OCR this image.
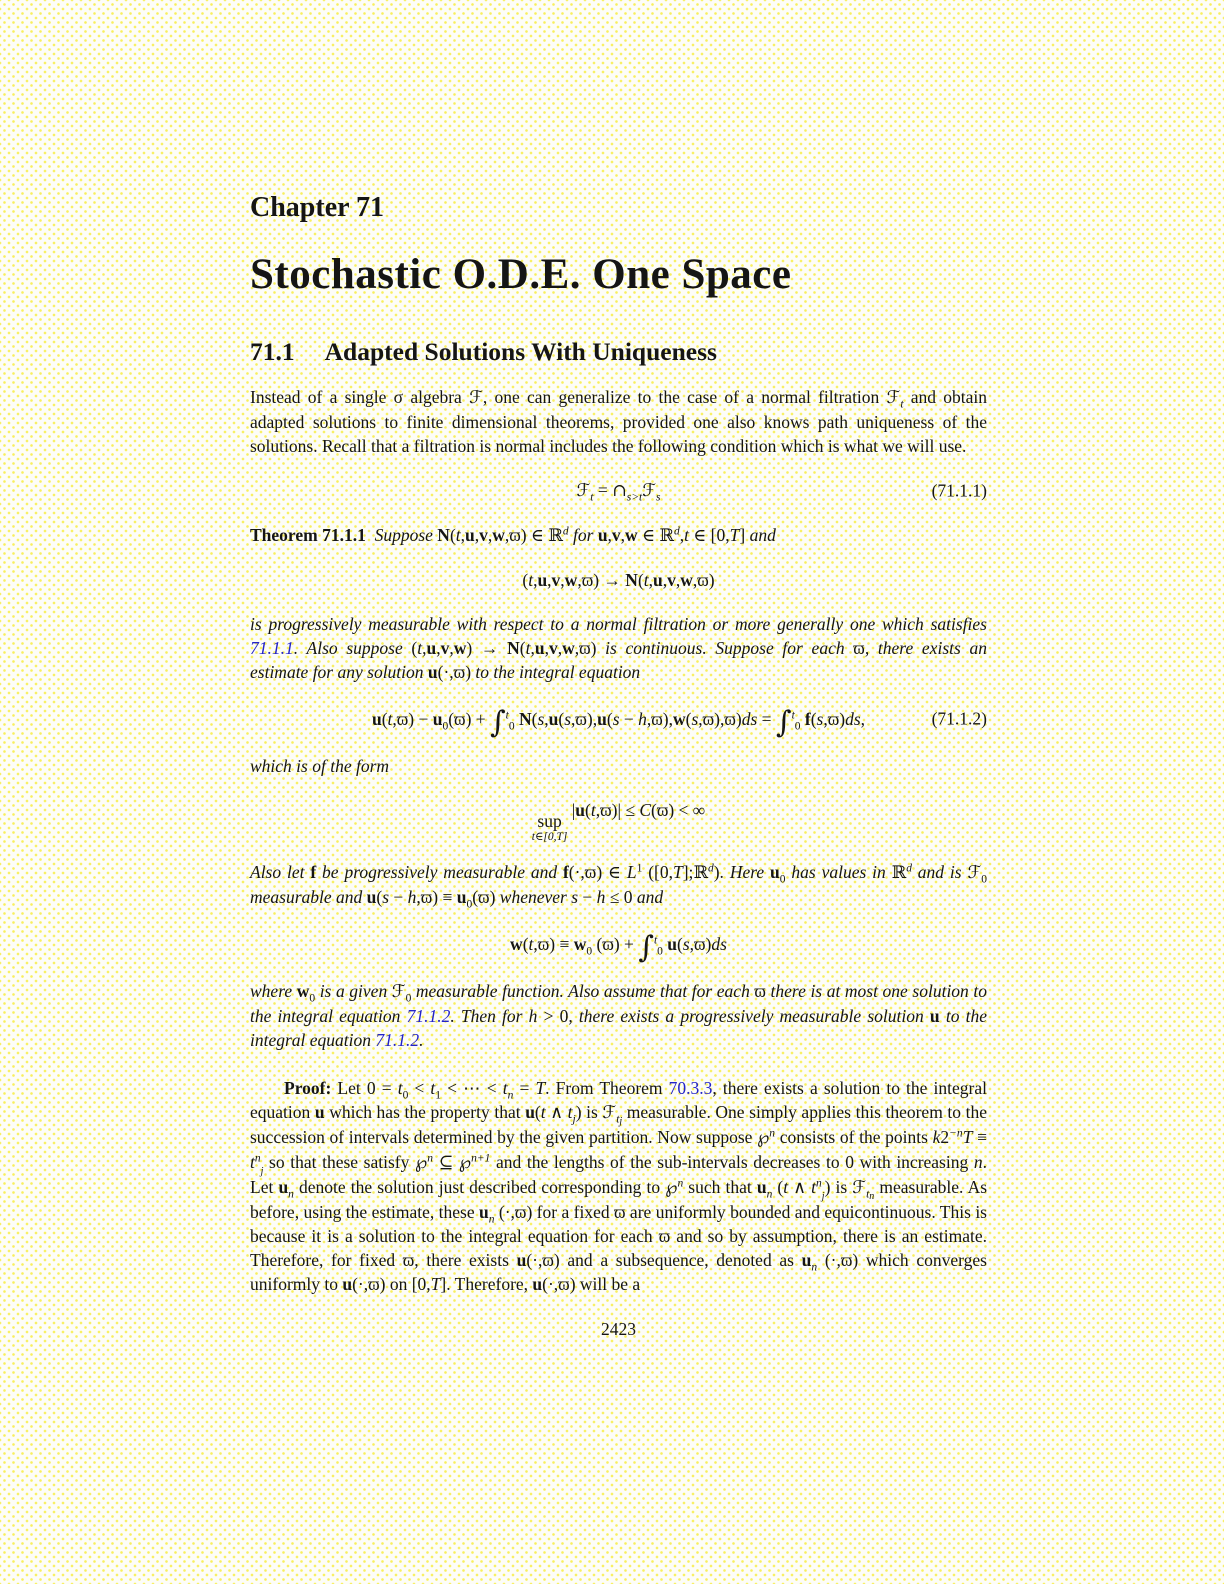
Chapter 71
Stochastic O.D.E. One Space
71.1 Adapted Solutions With Uniqueness
Instead of a single σ algebra ℱ, one can generalize to the case of a normal filtration ℱ$_t$ and obtain adapted solutions to finite dimensional theorems, provided one also knows path uniqueness of the solutions. Recall that a filtration is normal includes the following condition which is what we will use.
ℱ$_t$ = $\cap_{s>t}ℱ_s$	(71.1.1)
Theorem 71.1.1 Suppose N(t,u,v,w,ϖ) ∈ ℝ$^d$ for u,v,w ∈ ℝ$^d$,t ∈ [0,T] and
(t,u,v,w,ϖ) → N(t,u,v,w,ϖ)
is progressively measurable with respect to a normal filtration or more generally one which satisfies 71.1.1. Also suppose (t,u,v,w) → N(t,u,v,w,ϖ) is continuous. Suppose for each ϖ, there exists an estimate for any solution u(·,ϖ) to the integral equation
$u(t,ϖ) - u_0(ϖ) + \int^t_0$ N(s,u(s,ϖ),u(s − h,ϖ),w(s,ϖ),ϖ)ds = ∫$^t_0$ f(s,ϖ)ds,	(71.1.2)
which is of the form
sup
t∈[0,T]
|u(t,ϖ)| ≤ C(ϖ) < ∞
Also let f be progressively measurable and f(·,ϖ) ∈ $L^1$ ([0,T];ℝ$^d$). Here $u_0$ has values in ℝ$^d$ and is ℱ$_0$ measurable and $u(s - h,ϖ) \equiv u_0(ϖ)$ whenever s − h ≤ 0 and
$w(t,ϖ) \equiv w_0$ (ϖ) + ∫$^t_0$ u(s,ϖ)ds
where $w_0$ is a given ℱ$_0$ measurable function. Also assume that for each ϖ there is at most one solution to the integral equation 71.1.2. Then for h > 0, there exists a progressively measurable solution u to the integral equation 71.1.2.
Proof: Let $0 = t_0 < t_1$ < ⋯ < $t_n = T$. From Theorem 70.3.3, there exists a solution to the integral equation u which has the property that u(t ∧ $t_j$) is ℱ$_{tj}$ measurable. One simply applies this theorem to the succession of intervals determined by the given partition. Now suppose ℘$^n$ consists of the points $k2^{-n}T \equiv t^n_j$ so that these satisfy ℘$^n$ ⊆ ℘$^{n+1}$ and the lengths of the sub-intervals decreases to 0 with increasing n. Let $u_n$ denote the solution just described corresponding to ℘$^n$ such that $u_n$ (t ∧ $t^n_j$) is ℱ$_{tn}$ measurable. As before, using the estimate, these $u_n$ (·,ϖ) for a fixed ϖ are uniformly bounded and equicontinuous. This is because it is a solution to the integral equation for each ϖ and so by assumption, there is an estimate. Therefore, for fixed ϖ, there exists u(·,ϖ) and a subsequence, denoted as $u_n$ (·,ϖ) which converges uniformly to u(·,ϖ) on [0,T]. Therefore, u(·,ϖ) will be a
2423
